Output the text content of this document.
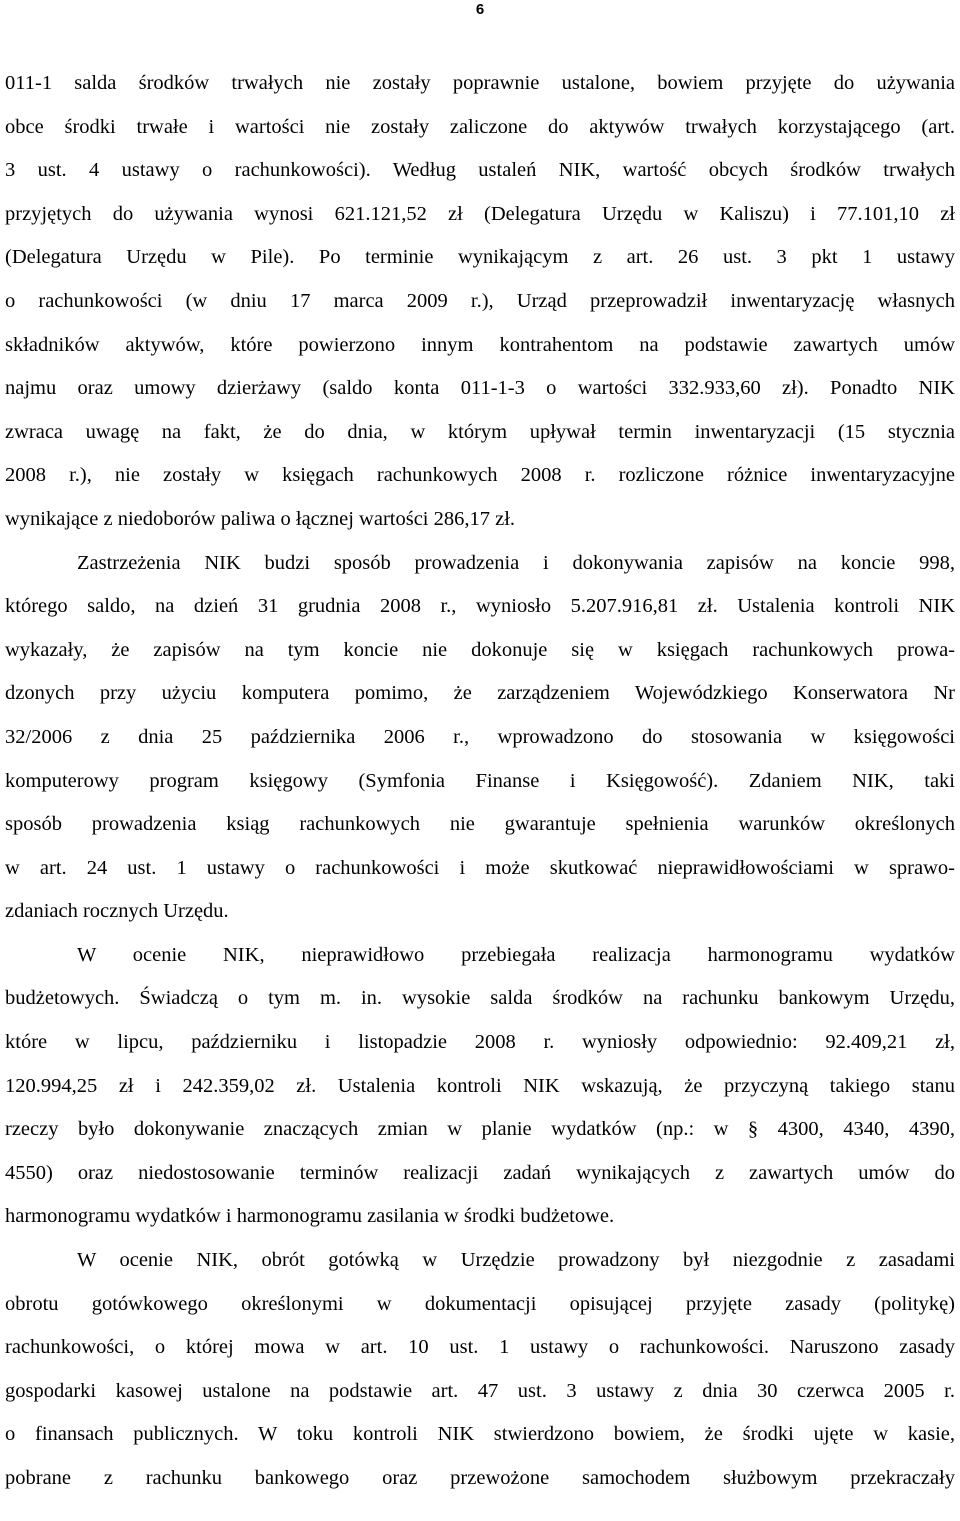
6
011-1 salda środków trwałych nie zostały poprawnie ustalone, bowiem przyjęte do używania
obce środki trwałe i wartości nie zostały zaliczone do aktywów trwałych korzystającego (art.
3 ust. 4 ustawy o rachunkowości). Według ustaleń NIK, wartość obcych środków trwałych
przyjętych do używania wynosi 621.121,52 zł (Delegatura Urzędu w Kaliszu) i 77.101,10 zł
(Delegatura Urzędu w Pile). Po terminie wynikającym z art. 26 ust. 3 pkt 1 ustawy
o rachunkowości (w dniu 17 marca 2009 r.), Urząd przeprowadził inwentaryzację własnych
składników aktywów, które powierzono innym kontrahentom na podstawie zawartych umów
najmu oraz umowy dzierżawy (saldo konta 011-1-3 o wartości 332.933,60 zł). Ponadto NIK
zwraca uwagę na fakt, że do dnia, w którym upływał termin inwentaryzacji (15 stycznia
2008 r.), nie zostały w księgach rachunkowych 2008 r. rozliczone różnice inwentaryzacyjne
wynikające z niedoborów paliwa o łącznej wartości 286,17 zł.
Zastrzeżenia NIK budzi sposób prowadzenia i dokonywania zapisów na koncie 998,
którego saldo, na dzień 31 grudnia 2008 r., wyniosło 5.207.916,81 zł. Ustalenia kontroli NIK
wykazały, że zapisów na tym koncie nie dokonuje się w księgach rachunkowych prowa-
dzonych przy użyciu komputera pomimo, że zarządzeniem Wojewódzkiego Konserwatora Nr
32/2006 z dnia 25 października 2006 r., wprowadzono do stosowania w księgowości
komputerowy program księgowy (Symfonia Finanse i Księgowość). Zdaniem NIK, taki
sposób prowadzenia ksiąg rachunkowych nie gwarantuje spełnienia warunków określonych
w art. 24 ust. 1 ustawy o rachunkowości i może skutkować nieprawidłowościami w sprawo-
zdaniach rocznych Urzędu.
W ocenie NIK, nieprawidłowo przebiegała realizacja harmonogramu wydatków
budżetowych. Świadczą o tym m. in. wysokie salda środków na rachunku bankowym Urzędu,
które w lipcu, październiku i listopadzie 2008 r. wyniosły odpowiednio: 92.409,21 zł,
120.994,25 zł i 242.359,02 zł. Ustalenia kontroli NIK wskazują, że przyczyną takiego stanu
rzeczy było dokonywanie znaczących zmian w planie wydatków (np.: w § 4300, 4340, 4390,
4550) oraz niedostosowanie terminów realizacji zadań wynikających z zawartych umów do
harmonogramu wydatków i harmonogramu zasilania w środki budżetowe.
W ocenie NIK, obrót gotówką w Urzędzie prowadzony był niezgodnie z zasadami
obrotu gotówkowego określonymi w dokumentacji opisującej przyjęte zasady (politykę)
rachunkowości, o której mowa w art. 10 ust. 1 ustawy o rachunkowości. Naruszono zasady
gospodarki kasowej ustalone na podstawie art. 47 ust. 3 ustawy z dnia 30 czerwca 2005 r.
o finansach publicznych. W toku kontroli NIK stwierdzono bowiem, że środki ujęte w kasie,
pobrane z rachunku bankowego oraz przewożone samochodem służbowym przekraczały
